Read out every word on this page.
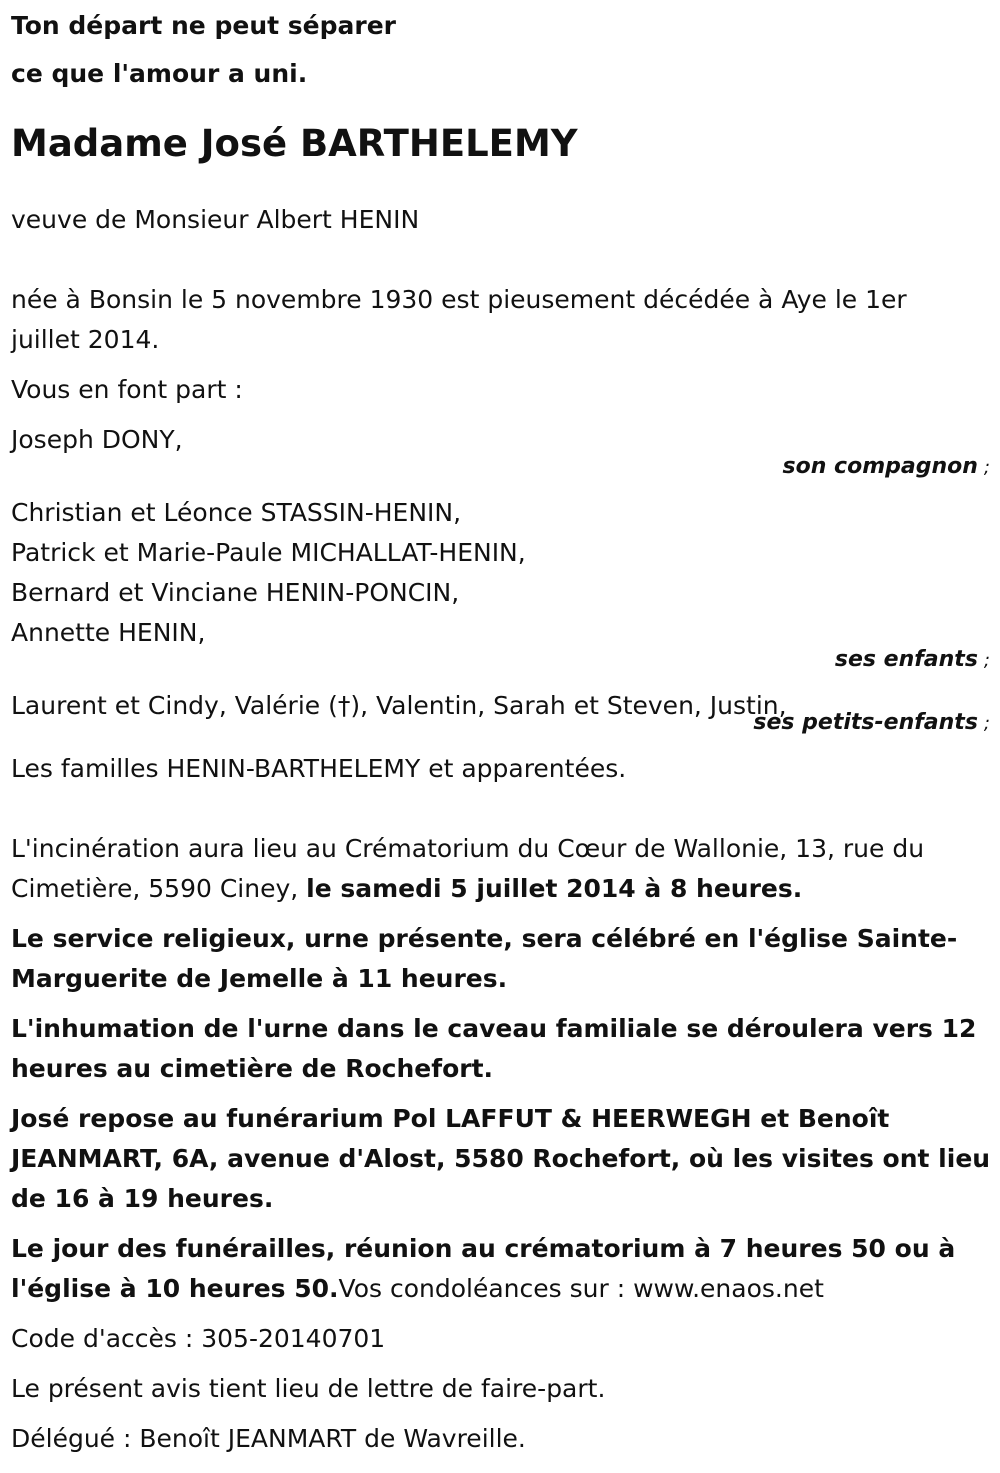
Ton départ ne peut séparer
ce que l'amour a uni.
Madame José BARTHELEMY
veuve de Monsieur Albert HENIN
née à Bonsin le 5 novembre 1930 est pieusement décédée à Aye le 1er
juillet 2014.
Vous en font part :
Joseph DONY,
son compagnon ;
Christian et Léonce STASSIN-HENIN,
Patrick et Marie-Paule MICHALLAT-HENIN,
Bernard et Vinciane HENIN-PONCIN,
Annette HENIN,
ses enfants ;
Laurent et Cindy, Valérie (†), Valentin, Sarah et Steven, Justin,
ses petits-enfants ;
Les familles HENIN-BARTHELEMY et apparentées.
L'incinération aura lieu au Crématorium du Cœur de Wallonie, 13, rue du
Cimetière, 5590 Ciney, le samedi 5 juillet 2014 à 8 heures.
Le service religieux, urne présente, sera célébré en l'église Sainte-
Marguerite de Jemelle à 11 heures.
L'inhumation de l'urne dans le caveau familiale se déroulera vers 12
heures au cimetière de Rochefort.
José repose au funérarium Pol LAFFUT & HEERWEGH et Benoît
JEANMART, 6A, avenue d'Alost, 5580 Rochefort, où les visites ont lieu
de 16 à 19 heures.
Le jour des funérailles, réunion au crématorium à 7 heures 50 ou à
l'église à 10 heures 50.Vos condoléances sur : www.enaos.net
Code d'accès : 305-20140701
Le présent avis tient lieu de lettre de faire-part.
Délégué : Benoît JEANMART de Wavreille.
